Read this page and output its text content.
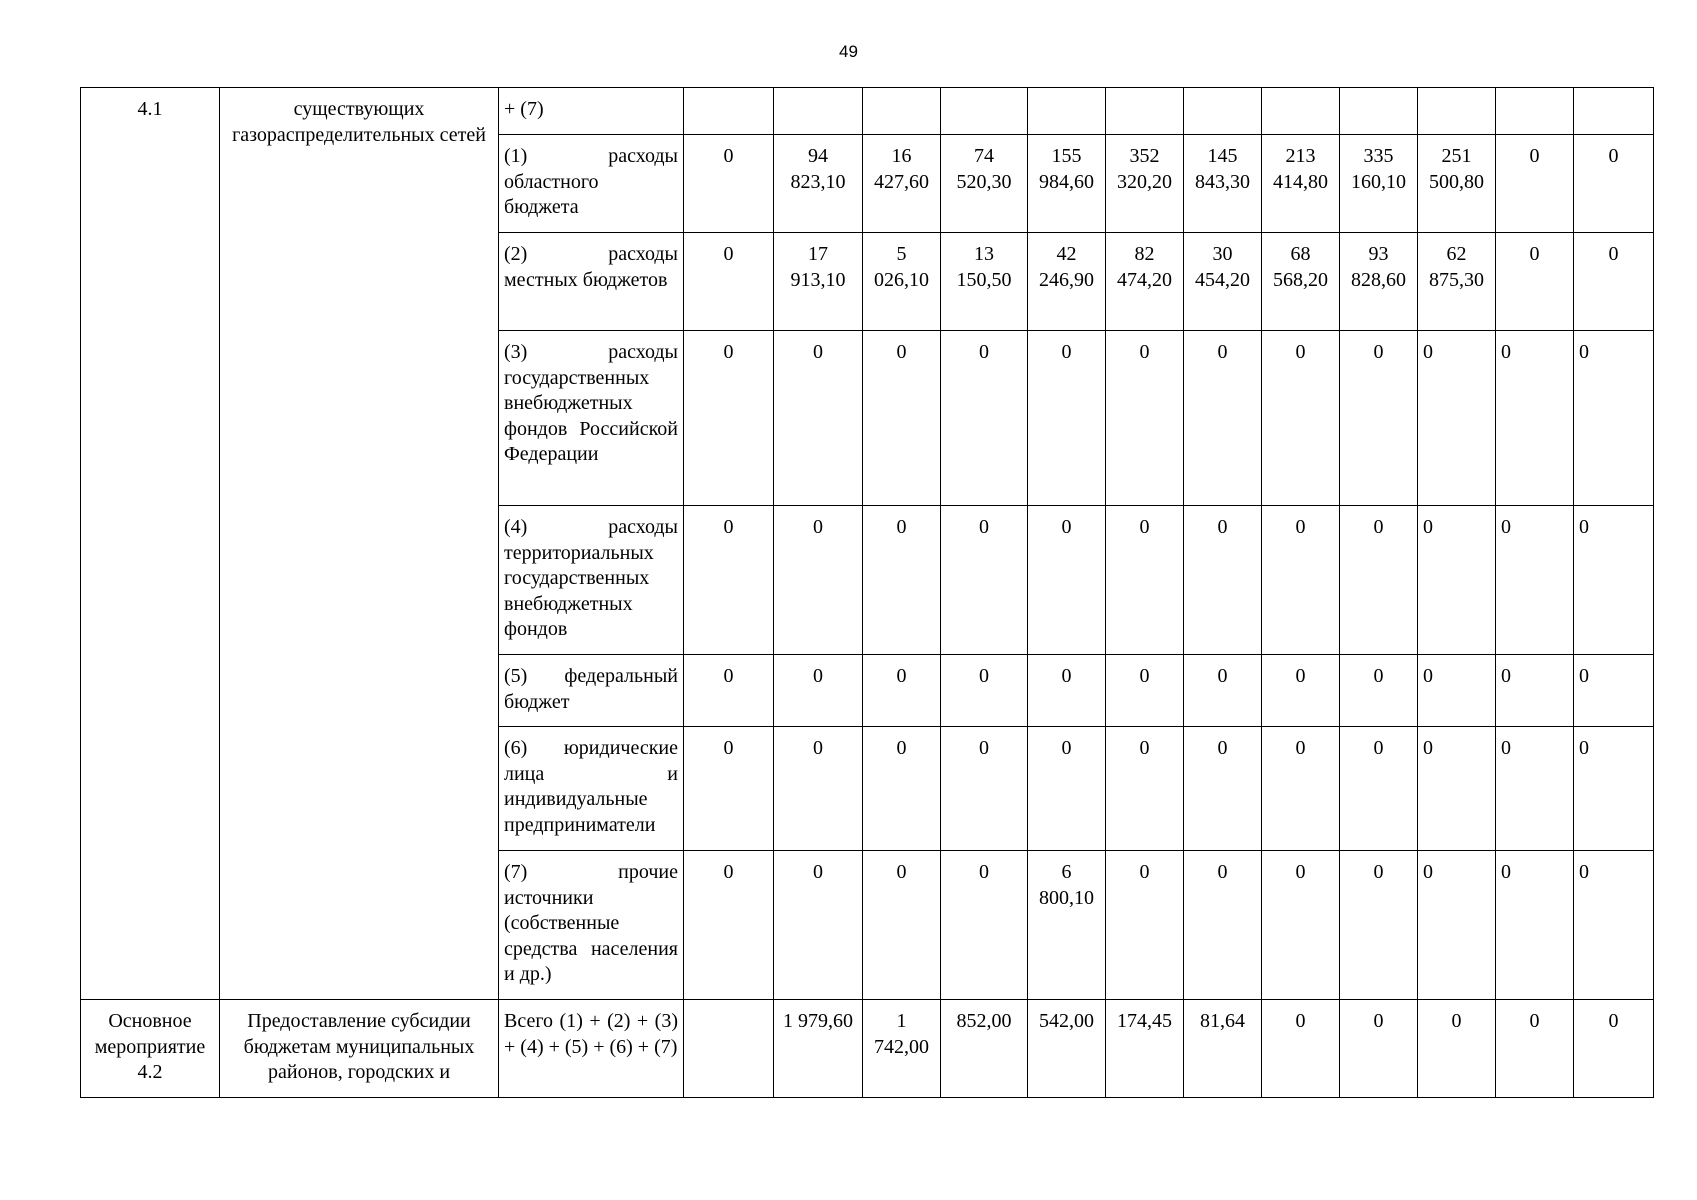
49
4.1	существующих газораспределительных сетей	+ (7)												
		(1) расходы областного бюджета	0	94 823,10	16 427,60	74 520,30	155 984,60	352 320,20	145 843,30	213 414,80	335 160,10	251 500,80	0	0
		(2) расходы местных бюджетов	0	17 913,10	5 026,10	13 150,50	42 246,90	82 474,20	30 454,20	68 568,20	93 828,60	62 875,30	0	0
		(3) расходы государственных внебюджетных фондов Российской Федерации	0	0	0	0	0	0	0	0	0	0	0	0
		(4) расходы территориальных государственных внебюджетных фондов	0	0	0	0	0	0	0	0	0	0	0	0
		(5) федеральный бюджет	0	0	0	0	0	0	0	0	0	0	0	0
		(6) юридические лица и индивидуальные предприниматели	0	0	0	0	0	0	0	0	0	0	0	0
		(7) прочие источники (собственные средства населения и др.)	0	0	0	0	6 800,10	0	0	0	0	0	0	0
Основное мероприятие 4.2	Предоставление субсидии бюджетам муниципальных районов, городских и	Всего (1) + (2) + (3) + (4) + (5) + (6) + (7)		1 979,60	1 742,00	852,00	542,00	174,45	81,64	0	0	0	0	0
